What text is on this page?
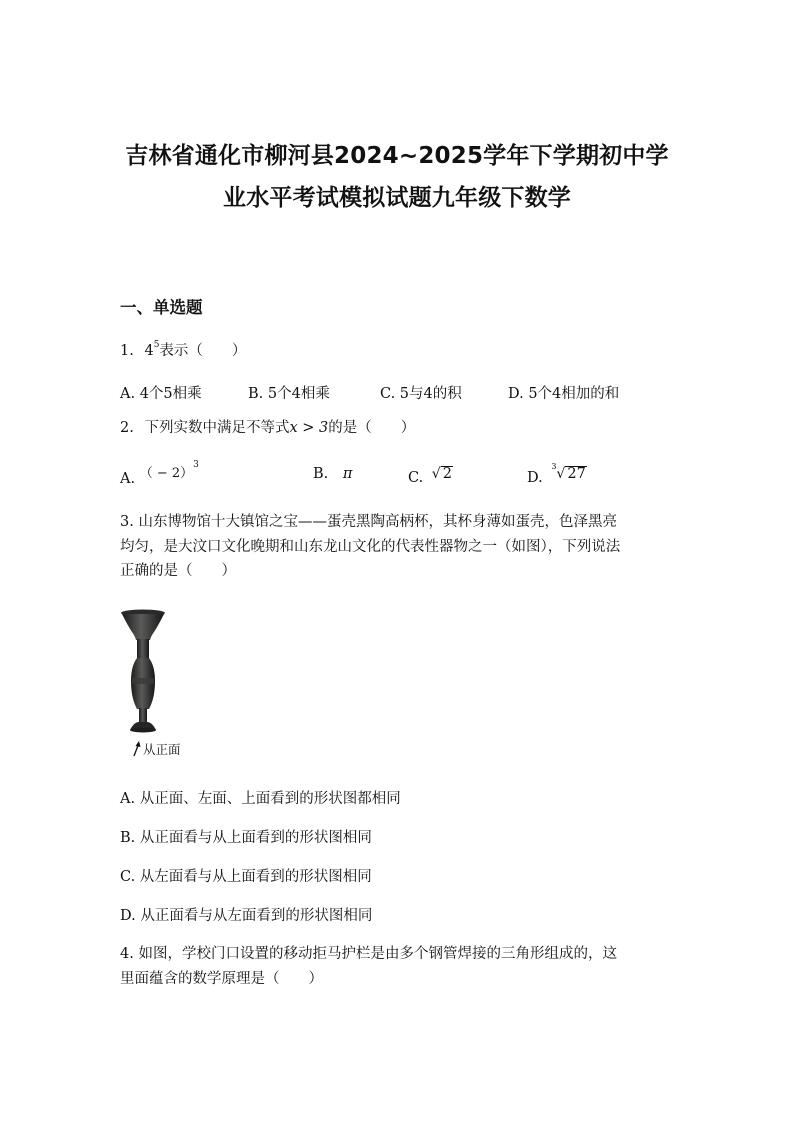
吉林省通化市柳河县2024~2025学年下学期初中学
业水平考试模拟试题九年级下数学
一、单选题
1. $4^5$表示（　　）
A. 4个5相乘	B. 5个4相乘	C. 5与4的积	D. 5个4相加的和
2. 下列实数中满足不等式x > 3的是（　　）
A. （ − 2）$^3$
B. π	C. √ 2	D. $^3$√ 27
3. 山东博物馆十大镇馆之宝——蛋壳黑陶高柄杯，其杯身薄如蛋壳，色泽黑亮
均匀，是大汶口文化晚期和山东龙山文化的代表性器物之一（如图），下列说法
正确的是（　　）
从正面
A. 从正面、左面、上面看到的形状图都相同
B. 从正面看与从上面看到的形状图相同
C. 从左面看与从上面看到的形状图相同
D. 从正面看与从左面看到的形状图相同
4. 如图，学校门口设置的移动拒马护栏是由多个钢管焊接的三角形组成的，这
里面蕴含的数学原理是（　　）
